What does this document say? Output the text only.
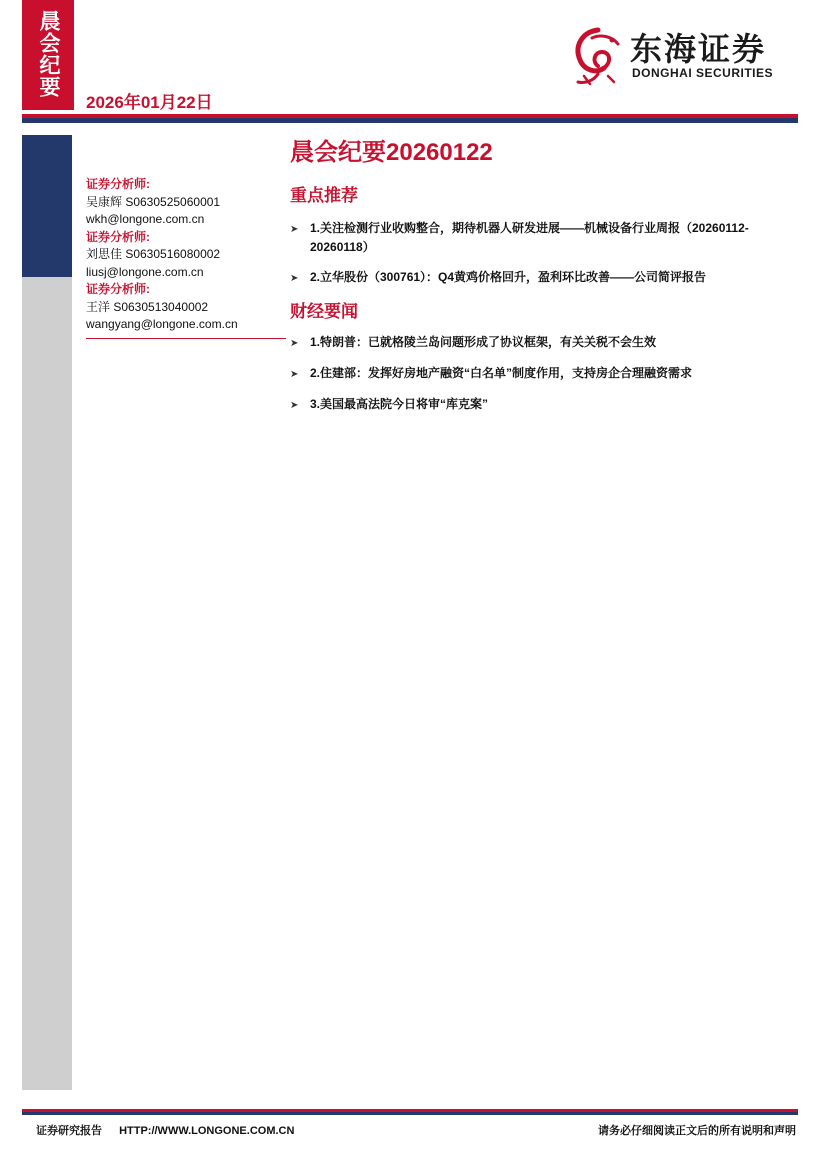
晨会纪要
2026年01月22日
东海证券
DONGHAI SECURITIES
证券分析师:
吴康辉 S0630525060001
wkh@longone.com.cn
证券分析师:
刘思佳 S0630516080002
liusj@longone.com.cn
证券分析师:
王洋 S0630513040002
wangyang@longone.com.cn
晨会纪要20260122
重点推荐
➤ 1.关注检测行业收购整合，期待机器人研发进展——机械设备行业周报（20260112-20260118）
➤ 2.立华股份（300761）：Q4黄鸡价格回升，盈利环比改善——公司简评报告
财经要闻
➤ 1.特朗普：已就格陵兰岛问题形成了协议框架，有关关税不会生效
➤ 2.住建部：发挥好房地产融资“白名单”制度作用，支持房企合理融资需求
➤ 3.美国最高法院今日将审“库克案”
证券研究报告 HTTP://WWW.LONGONE.COM.CN	请务必仔细阅读正文后的所有说明和声明
